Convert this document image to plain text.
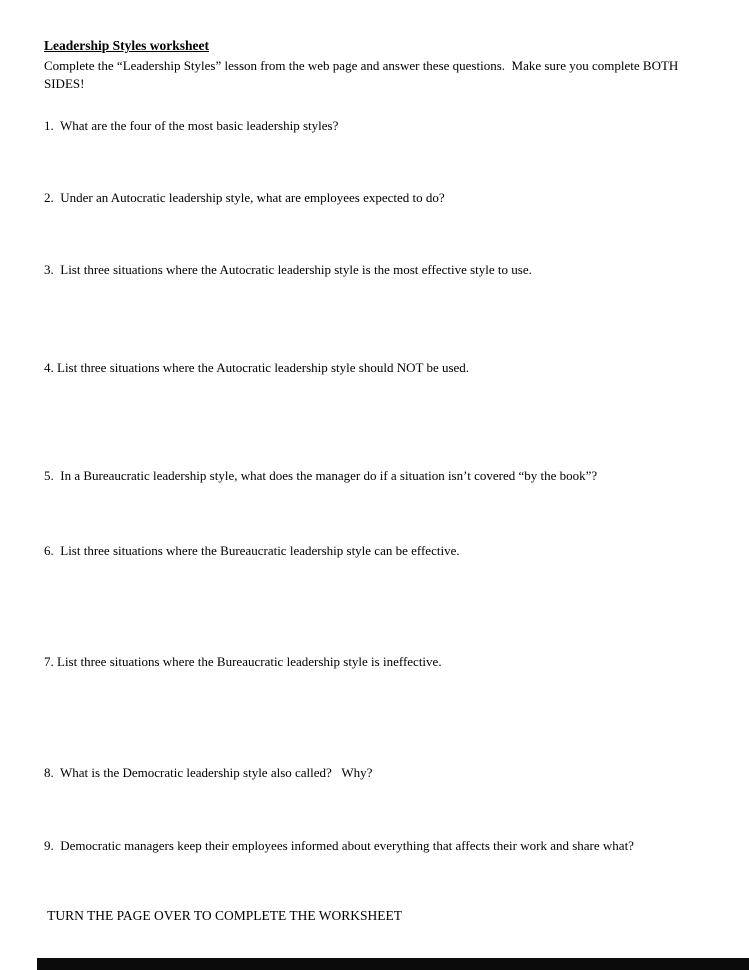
Leadership Styles worksheet

Complete the “Leadership Styles” lesson from the web page and answer these questions.  Make sure you complete BOTH SIDES!

1.  What are the four of the most basic leadership styles?

2.  Under an Autocratic leadership style, what are employees expected to do?

3.  List three situations where the Autocratic leadership style is the most effective style to use.

4. List three situations where the Autocratic leadership style should NOT be used.

5.  In a Bureaucratic leadership style, what does the manager do if a situation isn’t covered “by the book”?

6.  List three situations where the Bureaucratic leadership style can be effective.

7. List three situations where the Bureaucratic leadership style is ineffective.

8.  What is the Democratic leadership style also called?   Why?

9.  Democratic managers keep their employees informed about everything that affects their work and share what?

TURN THE PAGE OVER TO COMPLETE THE WORKSHEET
